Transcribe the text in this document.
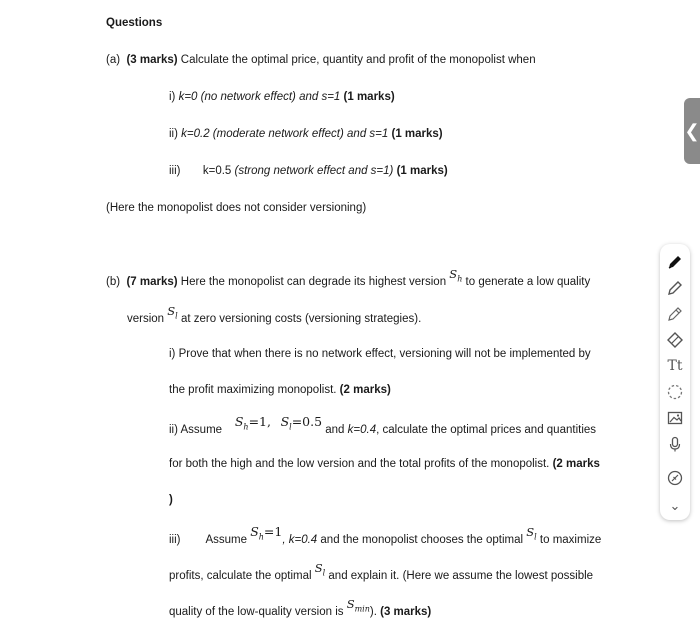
Questions
(a) (3 marks) Calculate the optimal price, quantity and profit of the monopolist when
i) k=0 (no network effect) and s=1 (1 marks)
ii) k=0.2 (moderate network effect) and s=1 (1 marks)
iii) k=0.5 (strong network effect and s=1) (1 marks)
(Here the monopolist does not consider versioning)
(b) (7 marks) Here the monopolist can degrade its highest version $S_h$ to generate a low quality
version $S_l$ at zero versioning costs (versioning strategies).
i) Prove that when there is no network effect, versioning will not be implemented by
the profit maximizing monopolist. (2 marks)
ii) Assume    $S_h=1$, $S_l=0.5$ and k=0.4, calculate the optimal prices and quantities
for both the high and the low version and the total profits of the monopolist. (2 marks
)
iii) Assume $S_h=1$, k=0.4 and the monopolist chooses the optimal $S_l$ to maximize
profits, calculate the optimal $S_l$ and explain it. (Here we assume the lowest possible
quality of the low-quality version is $S_{min}$). (3 marks)
❮
Tt
⌄
